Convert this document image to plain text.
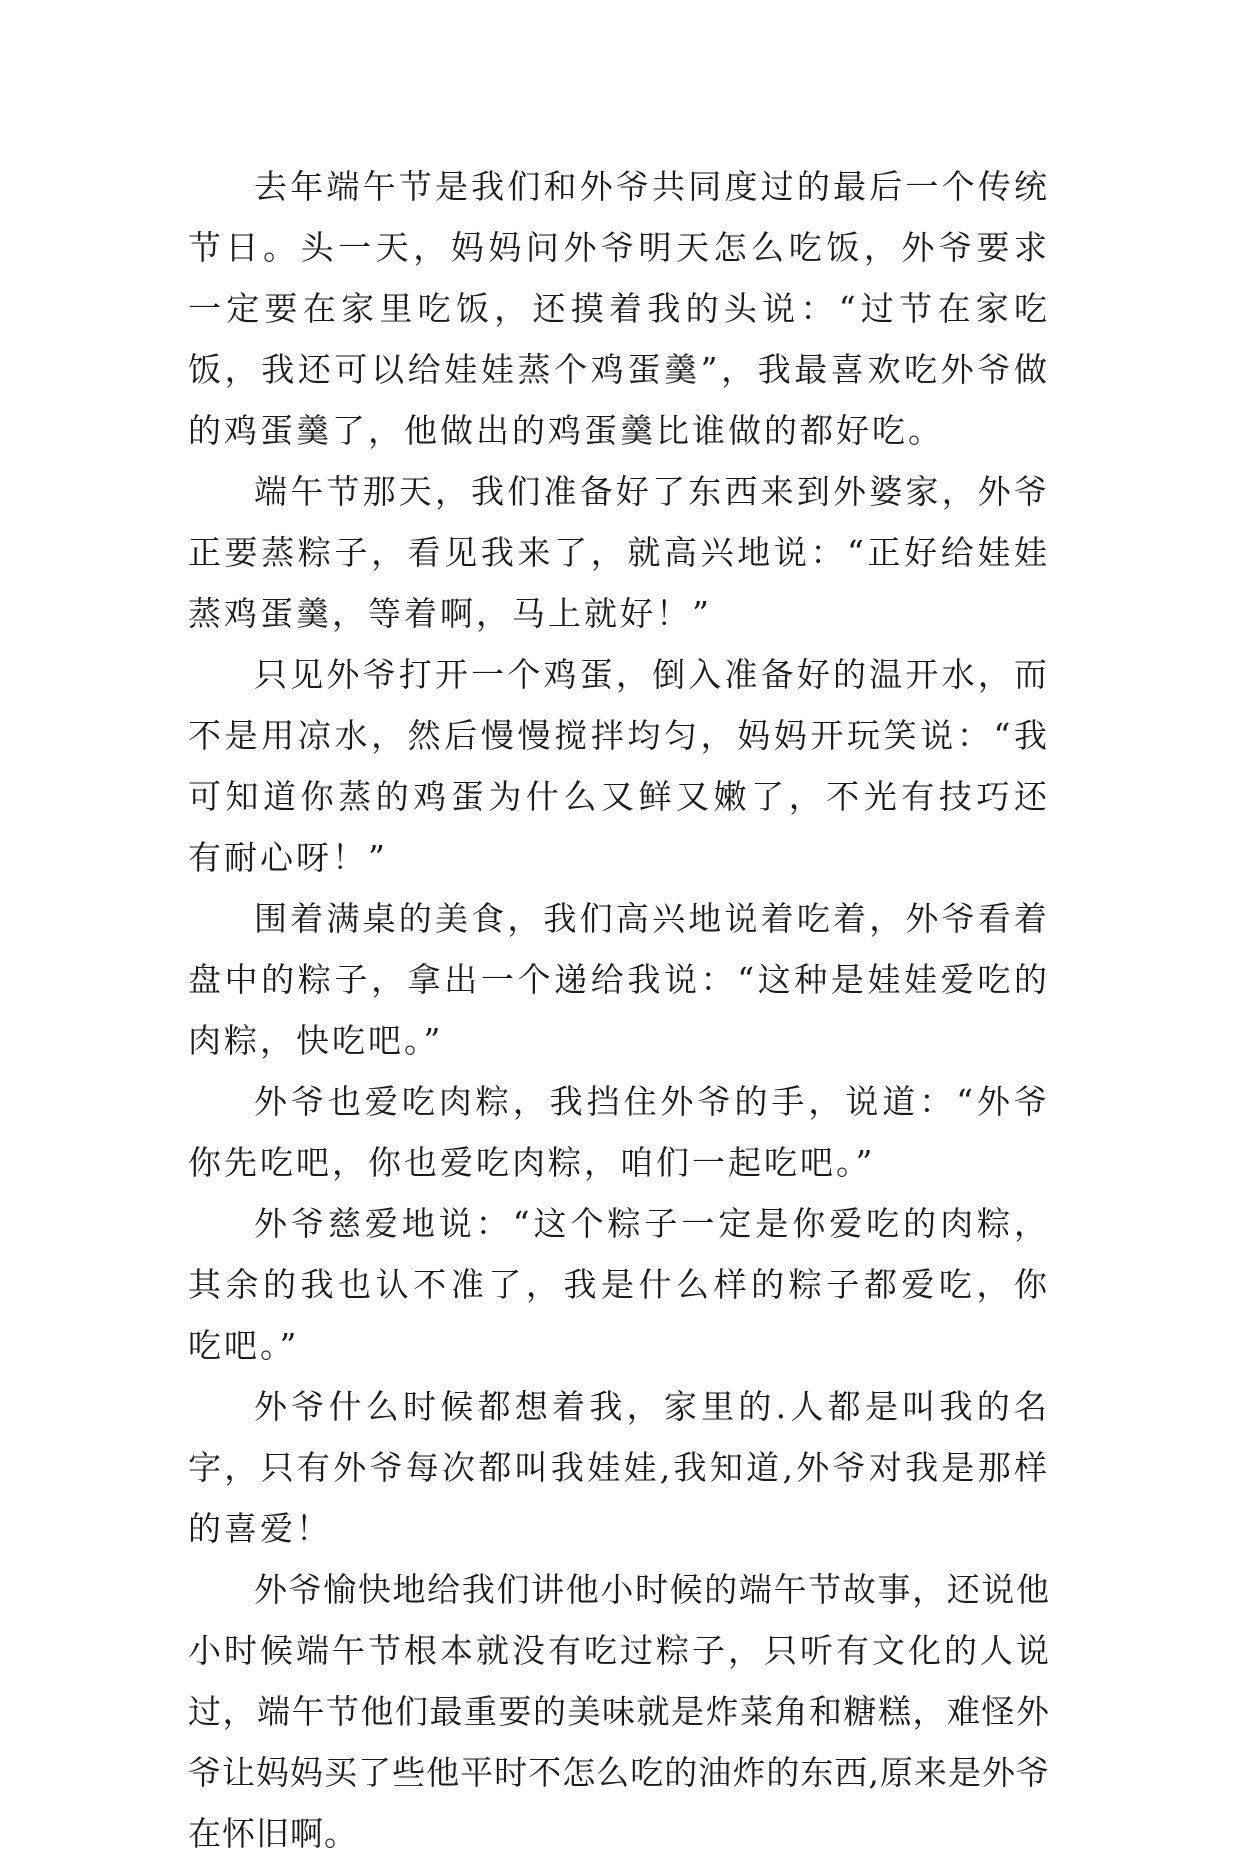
去年端午节是我们和外爷共同度过的最后一个传统节日。头一天，妈妈问外爷明天怎么吃饭，外爷要求一定要在家里吃饭，还摸着我的头说：“过节在家吃饭，我还可以给娃娃蒸个鸡蛋羹”，我最喜欢吃外爷做的鸡蛋羹了，他做出的鸡蛋羹比谁做的都好吃。

端午节那天，我们准备好了东西来到外婆家，外爷正要蒸粽子，看见我来了，就高兴地说：“正好给娃娃蒸鸡蛋羹，等着啊，马上就好！”

只见外爷打开一个鸡蛋，倒入准备好的温开水，而不是用凉水，然后慢慢搅拌均匀，妈妈开玩笑说：“我可知道你蒸的鸡蛋为什么又鲜又嫩了，不光有技巧还有耐心呀！”

围着满桌的美食，我们高兴地说着吃着，外爷看着盘中的粽子，拿出一个递给我说：“这种是娃娃爱吃的肉粽，快吃吧。”

外爷也爱吃肉粽，我挡住外爷的手，说道：“外爷你先吃吧，你也爱吃肉粽，咱们一起吃吧。”

外爷慈爱地说：“这个粽子一定是你爱吃的肉粽，其余的我也认不准了，我是什么样的粽子都爱吃，你吃吧。”

外爷什么时候都想着我，家里的.人都是叫我的名字，只有外爷每次都叫我娃娃,我知道,外爷对我是那样的喜爱！

外爷愉快地给我们讲他小时候的端午节故事，还说他小时候端午节根本就没有吃过粽子，只听有文化的人说过，端午节他们最重要的美味就是炸菜角和糖糕，难怪外爷让妈妈买了些他平时不怎么吃的油炸的东西,原来是外爷在怀旧啊。
